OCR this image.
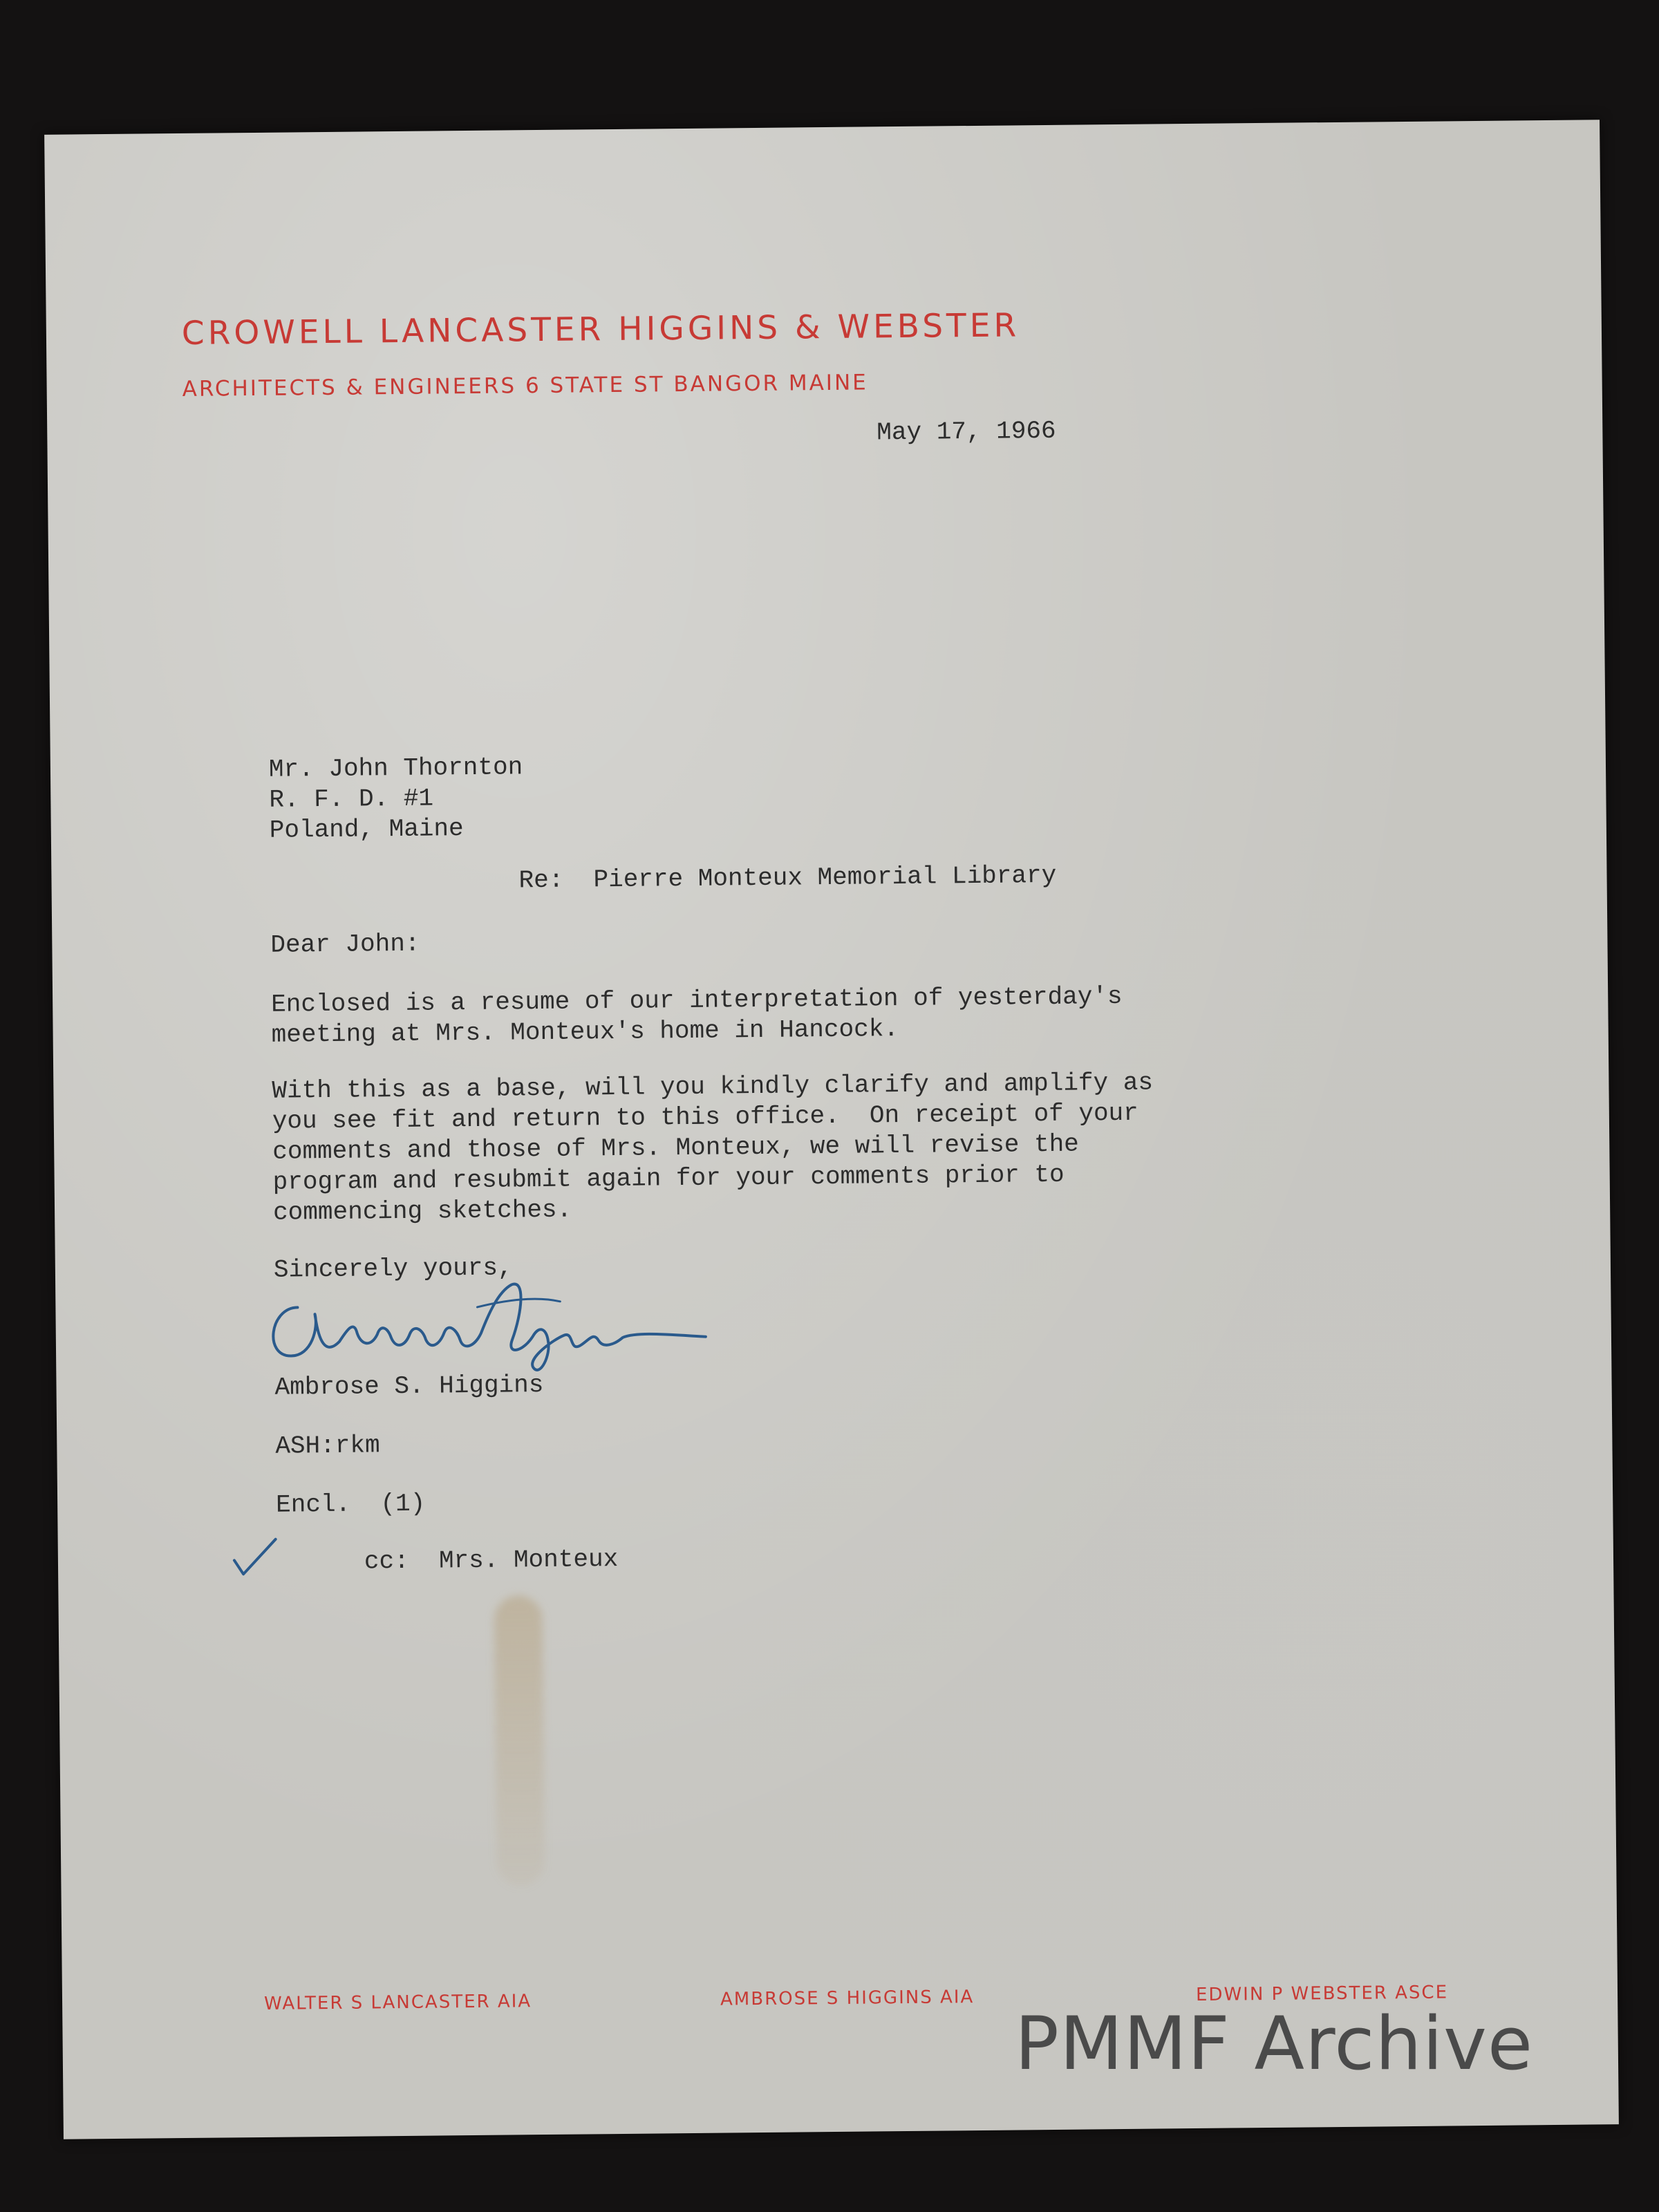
CROWELL LANCASTER HIGGINS & WEBSTER
ARCHITECTS & ENGINEERS 6 STATE ST BANGOR MAINE

May 17, 1966

Mr. John Thornton
R. F. D. #1
Poland, Maine

Re:  Pierre Monteux Memorial Library

Dear John:

Enclosed is a resume of our interpretation of yesterday's
meeting at Mrs. Monteux's home in Hancock.

With this as a base, will you kindly clarify and amplify as
you see fit and return to this office.  On receipt of your
comments and those of Mrs. Monteux, we will revise the
program and resubmit again for your comments prior to
commencing sketches.

Sincerely yours,

Ambrose S. Higgins

ASH:rkm

Encl.  (1)

cc:  Mrs. Monteux

WALTER S LANCASTER AIA	AMBROSE S HIGGINS AIA	EDWIN P WEBSTER ASCE
PMMF Archive
